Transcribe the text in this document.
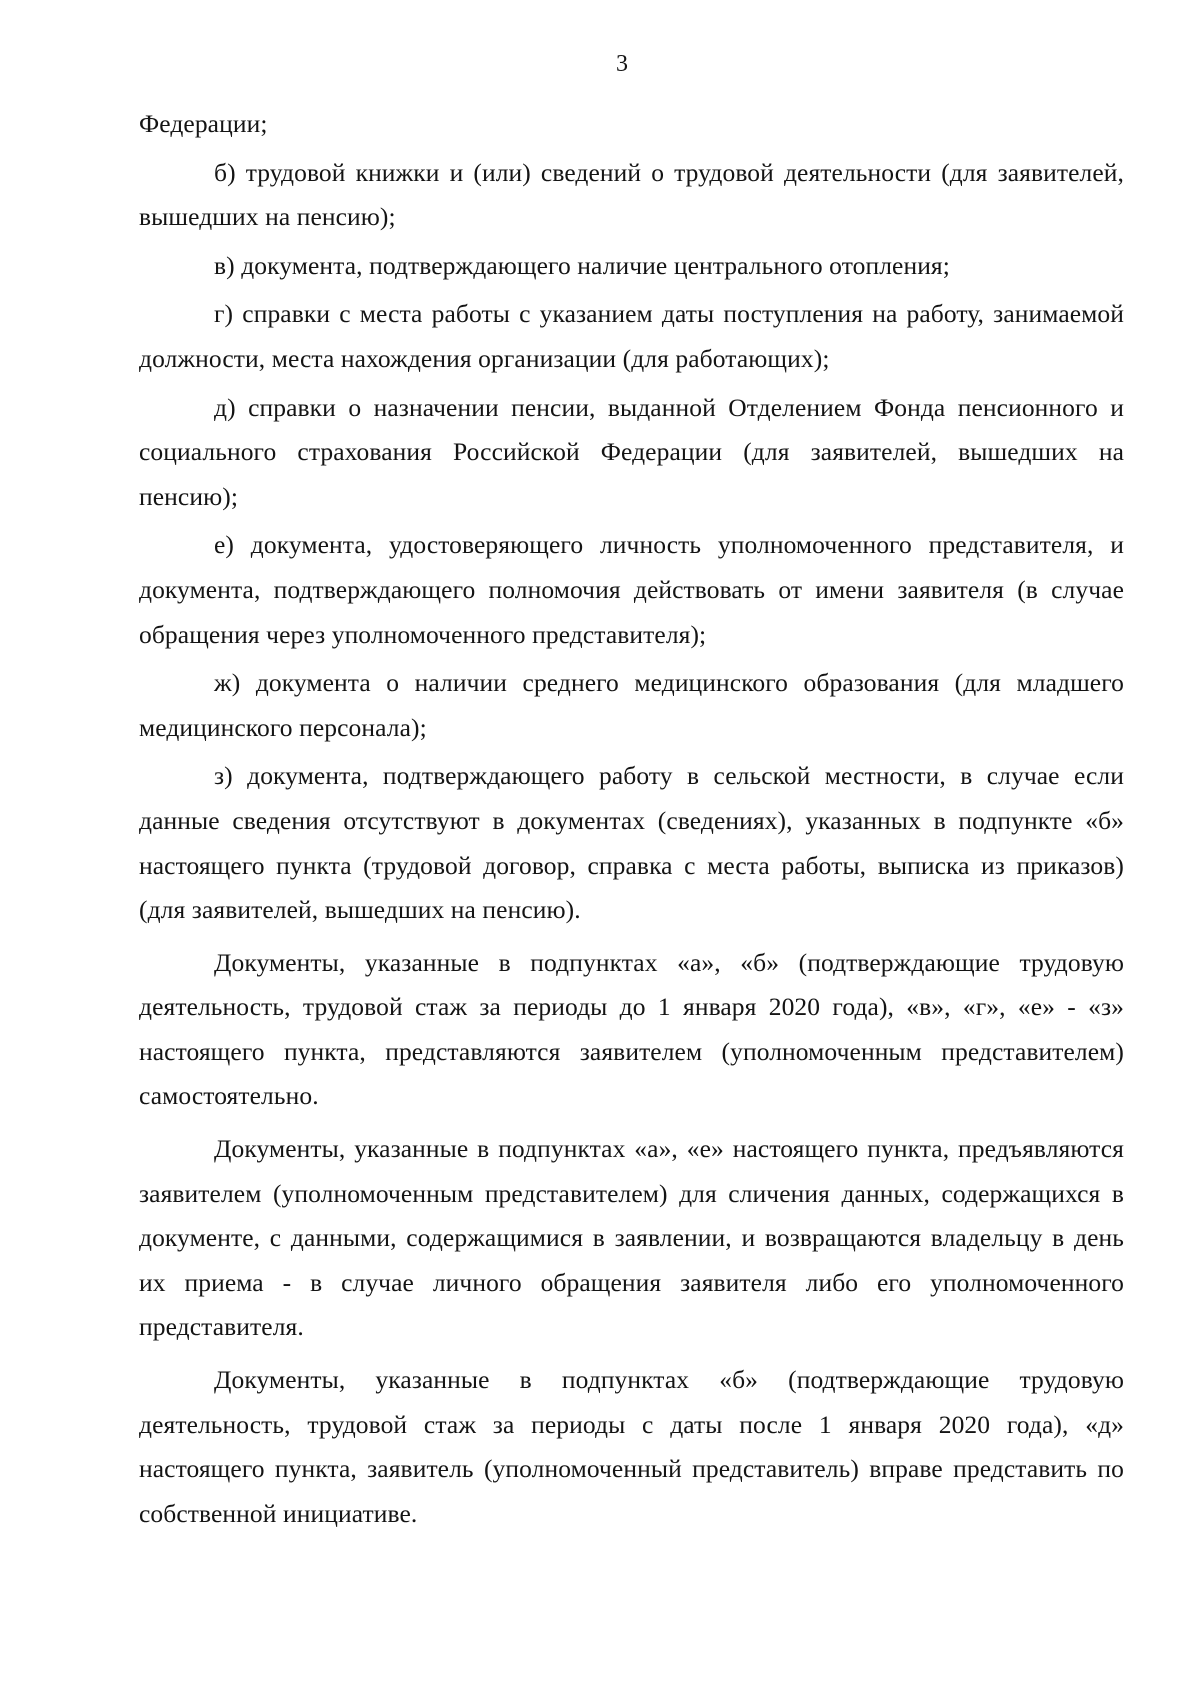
3

Федерации;

б) трудовой книжки и (или) сведений о трудовой деятельности (для заявителей, вышедших на пенсию);

в) документа, подтверждающего наличие центрального отопления;

г) справки с места работы с указанием даты поступления на работу, занимаемой должности, места нахождения организации (для работающих);

д) справки о назначении пенсии, выданной Отделением Фонда пенсионного и социального страхования Российской Федерации (для заявителей, вышедших на пенсию);

е) документа, удостоверяющего личность уполномоченного представителя, и документа, подтверждающего полномочия действовать от имени заявителя (в случае обращения через уполномоченного представителя);

ж) документа о наличии среднего медицинского образования (для младшего медицинского персонала);

з) документа, подтверждающего работу в сельской местности, в случае если данные сведения отсутствуют в документах (сведениях), указанных в подпункте «б» настоящего пункта (трудовой договор, справка с места работы, выписка из приказов) (для заявителей, вышедших на пенсию).

Документы, указанные в подпунктах «а», «б» (подтверждающие трудовую деятельность, трудовой стаж за периоды до 1 января 2020 года), «в», «г», «е» - «з» настоящего пункта, представляются заявителем (уполномоченным представителем) самостоятельно.

Документы, указанные в подпунктах «а», «е» настоящего пункта, предъявляются заявителем (уполномоченным представителем) для сличения данных, содержащихся в документе, с данными, содержащимися в заявлении, и возвращаются владельцу в день их приема - в случае личного обращения заявителя либо его уполномоченного представителя.

Документы, указанные в подпунктах «б» (подтверждающие трудовую деятельность, трудовой стаж за периоды с даты после 1 января 2020 года), «д» настоящего пункта, заявитель (уполномоченный представитель) вправе представить по собственной инициативе.
